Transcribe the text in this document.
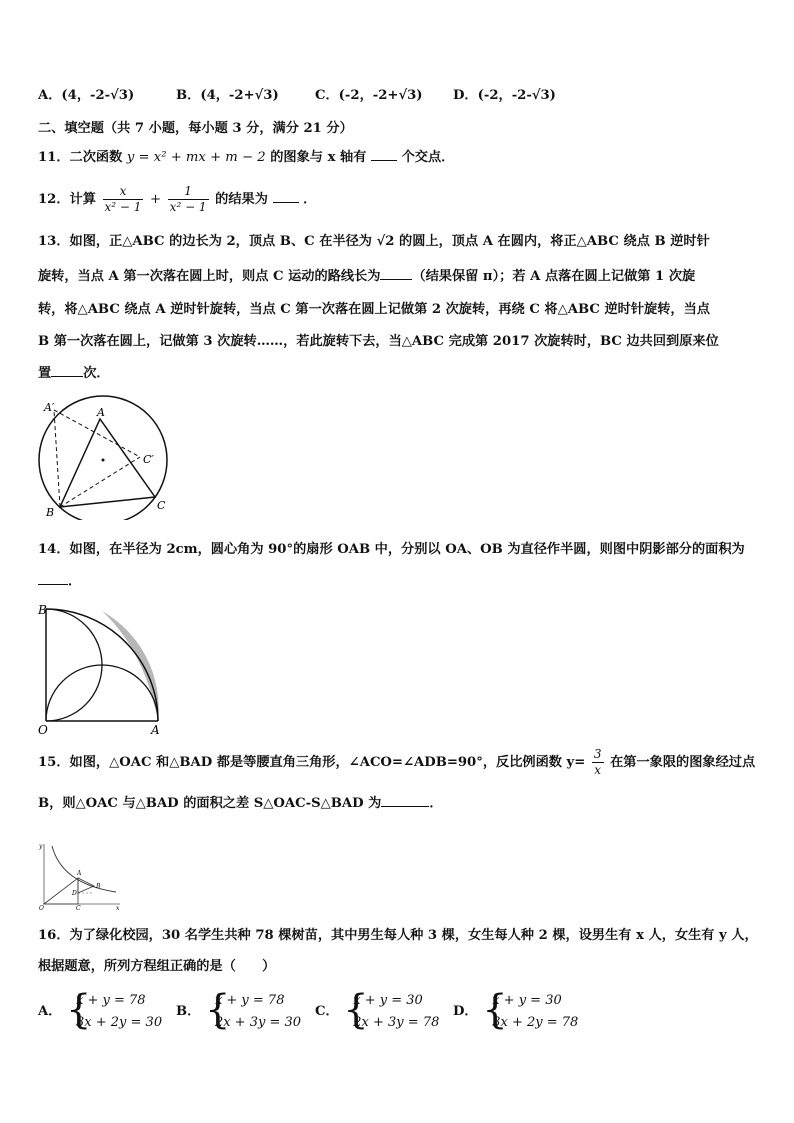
A．(4，-2-√3)	B．(4，-2+√3)	C．(-2，-2+√3) D．(-2，-2-√3)
二、填空题（共 7 小题，每小题 3 分，满分 21 分）
11．二次函数 y = x² + mx + m − 2 的图象与 x 轴有	个交点．
12．计算 $\frac{x}{\text{x² − 1}} + \frac{1}{\text{x² − 1}}$ 的结果为	．
13．如图，正△ABC 的边长为 2，顶点 B、C 在半径为 √2 的圆上，顶点 A 在圆内，将正△ABC 绕点 B 逆时针
旋转，当点 A 第一次落在圆上时，则点 C 运动的路线长为 （结果保留 π）；若 A 点落在圆上记做第 1 次旋
转，将△ABC 绕点 A 逆时针旋转，当点 C 第一次落在圆上记做第 2 次旋转，再绕 C 将△ABC 逆时针旋转，当点
B 第一次落在圆上，记做第 3 次旋转……，若此旋转下去，当△ABC 完成第 2017 次旋转时，BC 边共回到原来位
置 次．
A′	A
C′
B
C
14．如图，在半径为 2cm，圆心角为 90°的扇形 OAB 中，分别以 OA、OB 为直径作半圆，则图中阴影部分的面积为
．
B
O	A
15．如图，△OAC 和△BAD 都是等腰直角三角形，∠ACO=∠ADB=90°，反比例函数 $y= \frac{3}{x}$ 在第一象限的图象经过点
B，则△OAC 与△BAD 的面积之差 S△OAC-S△BAD 为	．
y
A
B
D
O	C	x
16．为了绿化校园，30 名学生共种 78 棵树苗，其中男生每人种 3 棵，女生每人种 2 棵，设男生有 x 人，女生有 y 人，
根据题意，所列方程组正确的是（　　）
A． {
x + y = 78
3x + 2y = 30
B． {
x + y = 78
2x + 3y = 30
C． {
x + y = 30
2x + 3y = 78
D． {
x + y = 30
3x + 2y = 78
